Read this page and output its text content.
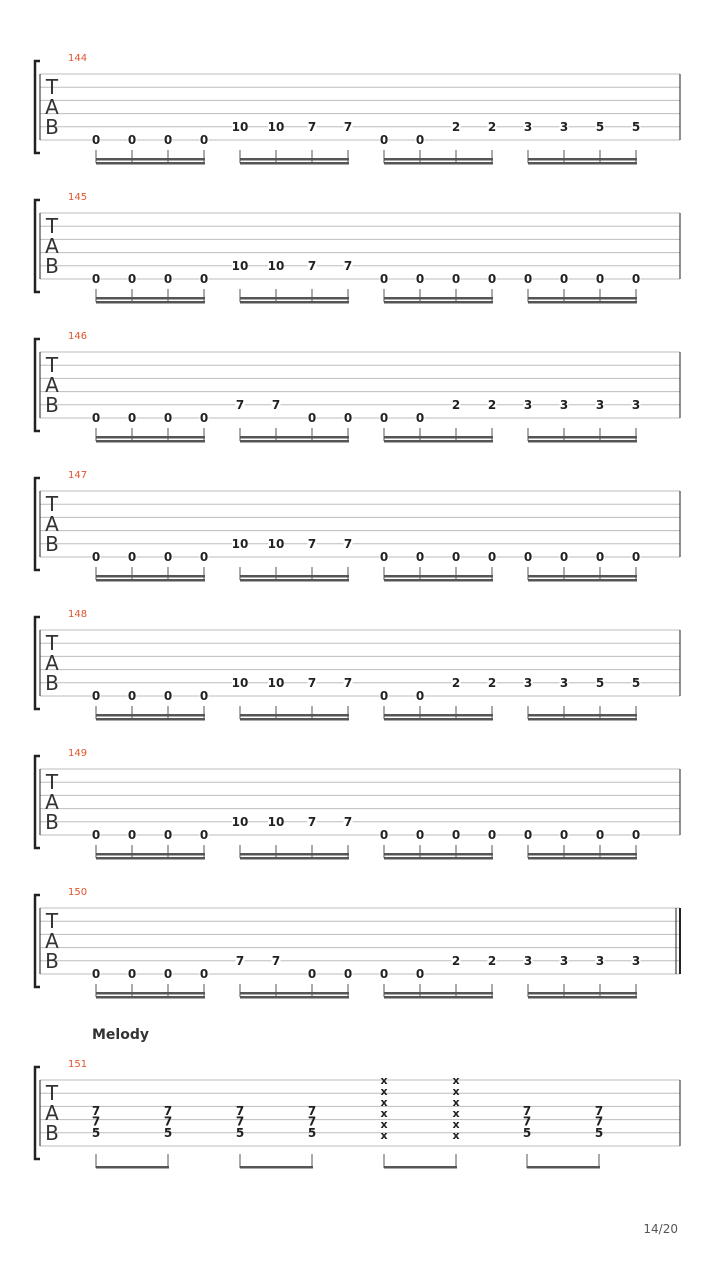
T
A
B
144
0 0 0 0
10 10 7 7
0 0
2 2 3 3 5 5
T
A
B
145
0 0 0 0
10 10 7 7
0 0 0 0 0 0 0 0
T
A
B
146
0 0 0 0
7 7
0 0 0 0
2 2 3 3 3 3
T
A
B
147
0 0 0 0
10 10 7 7
0 0 0 0 0 0 0 0
T
A
B
148
0 0 0 0
10 10 7 7
0 0
2 2 3 3 5 5
T
A
B
149
0 0 0 0
10 10 7 7
0 0 0 0 0 0 0 0
T
A
B
150
0 0 0 0
7 7
0 0 0 0
2 2 3 3 3 3
T
A
B
151
7
7
5
7
7
5
7
7
5
7
7
5
x
x
x
x
x
x
x
x
x
x
x
x
7
7
5
7
7
5
Melody
14/20
